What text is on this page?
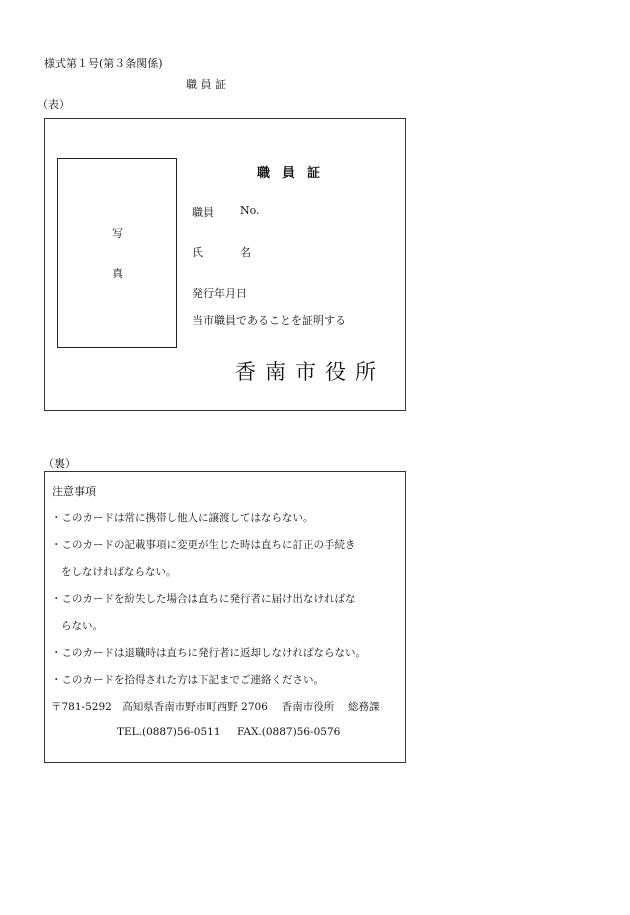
様式第１号(第３条関係)
職 員 証
（表）
写
真
職員証
職員 No.
氏	名
発行年月日
当市職員であることを証明する
香南市役所
（裏）
注意事項
・このカードは常に携帯し他人に譲渡してはならない。
・このカードの記載事項に変更が生じた時は直ちに訂正の手続き
をしなければならない。
・このカードを紛失した場合は直ちに発行者に届け出なければな
らない。
・このカードは退職時は直ちに発行者に返却しなければならない。
・このカードを拾得された方は下記までご連絡ください。
〒781-5292　高知県香南市野市町西野 2706　 香南市役所　 総務課
TEL.(0887)56-0511 FAX.(0887)56-0576
